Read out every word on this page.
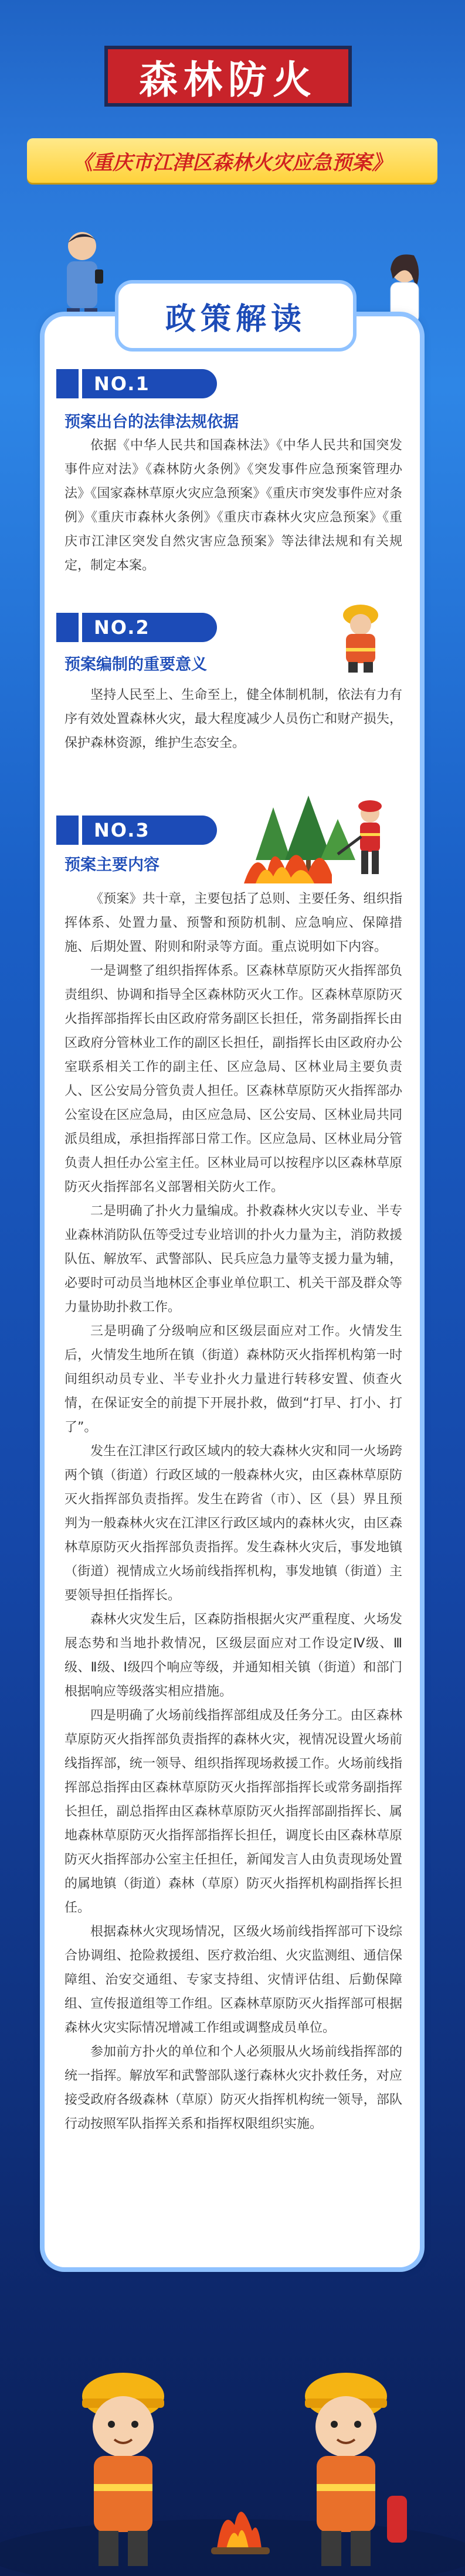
森林防火
《重庆市江津区森林火灾应急预案》
政策解读
NO.1
预案出台的法律法规依据

依据《中华人民共和国森林法》《中华人民共和国突发事件应对法》《森林防火条例》《突发事件应急预案管理办法》《国家森林草原火灾应急预案》《重庆市突发事件应对条例》《重庆市森林火条例》《重庆市森林火灾应急预案》《重庆市江津区突发自然灾害应急预案》等法律法规和有关规定，制定本案。

NO.2
预案编制的重要意义

坚持人民至上、生命至上，健全体制机制，依法有力有序有效处置森林火灾，最大程度减少人员伤亡和财产损失，保护森林资源，维护生态安全。

NO.3
预案主要内容

《预案》共十章，主要包括了总则、主要任务、组织指挥体系、处置力量、预警和预防机制、应急响应、保障措施、后期处置、附则和附录等方面。重点说明如下内容。

一是调整了组织指挥体系。区森林草原防灭火指挥部负责组织、协调和指导全区森林防灭火工作。区森林草原防灭火指挥部指挥长由区政府常务副区长担任，常务副指挥长由区政府分管林业工作的副区长担任，副指挥长由区政府办公室联系相关工作的副主任、区应急局、区林业局主要负责人、区公安局分管负责人担任。区森林草原防灭火指挥部办公室设在区应急局，由区应急局、区公安局、区林业局共同派员组成，承担指挥部日常工作。区应急局、区林业局分管负责人担任办公室主任。区林业局可以按程序以区森林草原防灭火指挥部名义部署相关防火工作。

二是明确了扑火力量编成。扑救森林火灾以专业、半专业森林消防队伍等受过专业培训的扑火力量为主，消防救援队伍、解放军、武警部队、民兵应急力量等支援力量为辅，必要时可动员当地林区企事业单位职工、机关干部及群众等力量协助扑救工作。

三是明确了分级响应和区级层面应对工作。火情发生后，火情发生地所在镇（街道）森林防灭火指挥机构第一时间组织动员专业、半专业扑火力量进行转移安置、侦查火情，在保证安全的前提下开展扑救，做到“打早、打小、打了”。

发生在江津区行政区域内的较大森林火灾和同一火场跨两个镇（街道）行政区域的一般森林火灾，由区森林草原防灭火指挥部负责指挥。发生在跨省（市）、区（县）界且预判为一般森林火灾在江津区行政区域内的森林火灾，由区森林草原防灭火指挥部负责指挥。发生森林火灾后，事发地镇（街道）视情成立火场前线指挥机构，事发地镇（街道）主要领导担任指挥长。

森林火灾发生后，区森防指根据火灾严重程度、火场发展态势和当地扑救情况，区级层面应对工作设定Ⅳ级、Ⅲ级、Ⅱ级、Ⅰ级四个响应等级，并通知相关镇（街道）和部门根据响应等级落实相应措施。

四是明确了火场前线指挥部组成及任务分工。由区森林草原防灭火指挥部负责指挥的森林火灾，视情况设置火场前线指挥部，统一领导、组织指挥现场救援工作。火场前线指挥部总指挥由区森林草原防灭火指挥部指挥长或常务副指挥长担任，副总指挥由区森林草原防灭火指挥部副指挥长、属地森林草原防灭火指挥部指挥长担任，调度长由区森林草原防灭火指挥部办公室主任担任，新闻发言人由负责现场处置的属地镇（街道）森林（草原）防灭火指挥机构副指挥长担任。

根据森林火灾现场情况，区级火场前线指挥部可下设综合协调组、抢险救援组、医疗救治组、火灾监测组、通信保障组、治安交通组、专家支持组、灾情评估组、后勤保障组、宣传报道组等工作组。区森林草原防灭火指挥部可根据森林火灾实际情况增减工作组或调整成员单位。

参加前方扑火的单位和个人必须服从火场前线指挥部的统一指挥。解放军和武警部队遂行森林火灾扑救任务，对应接受政府各级森林（草原）防灭火指挥机构统一领导，部队行动按照军队指挥关系和指挥权限组织实施。
